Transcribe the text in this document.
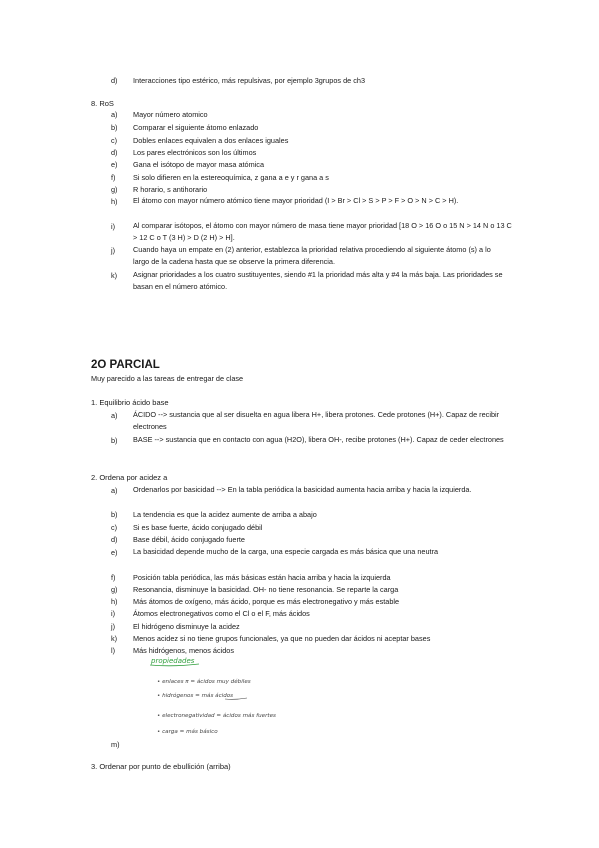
d) Interacciones tipo estérico, más repulsivas, por ejemplo 3grupos de ch3
8. RoS
a) Mayor número atomico
b) Comparar el siguiente átomo enlazado
c) Dobles enlaces equivalen a dos enlaces iguales
d) Los pares electrónicos son los últimos
e) Gana el isótopo de mayor masa atómica
f) Si solo difieren en la estereoquímica, z gana a e y r gana a s
g) R horario, s antihorario
h) El átomo con mayor número atómico tiene mayor prioridad (I > Br > Cl > S > P > F > O > N > C > H).
i) Al comparar isótopos, el átomo con mayor número de masa tiene mayor prioridad [18 O > 16 O o 15 N > 14 N o 13 C > 12 C o T (3 H) > D (2 H) > H].
j) Cuando haya un empate en (2) anterior, establezca la prioridad relativa procediendo al siguiente átomo (s) a lo largo de la cadena hasta que se observe la primera diferencia.
k) Asignar prioridades a los cuatro sustituyentes, siendo #1 la prioridad más alta y #4 la más baja. Las prioridades se basan en el número atómico.
2O PARCIAL
Muy parecido a las tareas de entregar de clase
1. Equilibrio ácido base
a) ÁCIDO --> sustancia que al ser disuelta en agua libera H+, libera protones. Cede protones (H+). Capaz de recibir electrones
b) BASE --> sustancia que en contacto con agua (H2O), libera OH-, recibe protones (H+). Capaz de ceder electrones
2. Ordena por acidez a
a) Ordenarlos por basicidad --> En la tabla periódica la basicidad aumenta hacia arriba y hacia la izquierda.
b) La tendencia es que la acidez aumente de arriba a abajo
c) Si es base fuerte, ácido conjugado débil
d) Base débil, ácido conjugado fuerte
e) La basicidad depende mucho de la carga, una especie cargada es más básica que una neutra
f) Posición tabla periódica, las más básicas están hacia arriba y hacia la izquierda
g) Resonancia, disminuye la basicidad. OH- no tiene resonancia. Se reparte la carga
h) Más átomos de oxígeno, más ácido, porque es más electronegativo y más estable
i) Átomos electronegativos como el Cl o el F, más ácidos
j) El hidrógeno disminuye la acidez
k) Menos acidez si no tiene grupos funcionales, ya que no pueden dar ácidos ni aceptar bases
l) Más hidrógenos, menos ácidos
propiedades
• enlaces π = ácidos muy débiles
• hidrógenos = más ácidos
• electronegatividad = ácidos más fuertes
• carga = más básico
m)
3. Ordenar por punto de ebullición (arriba)
